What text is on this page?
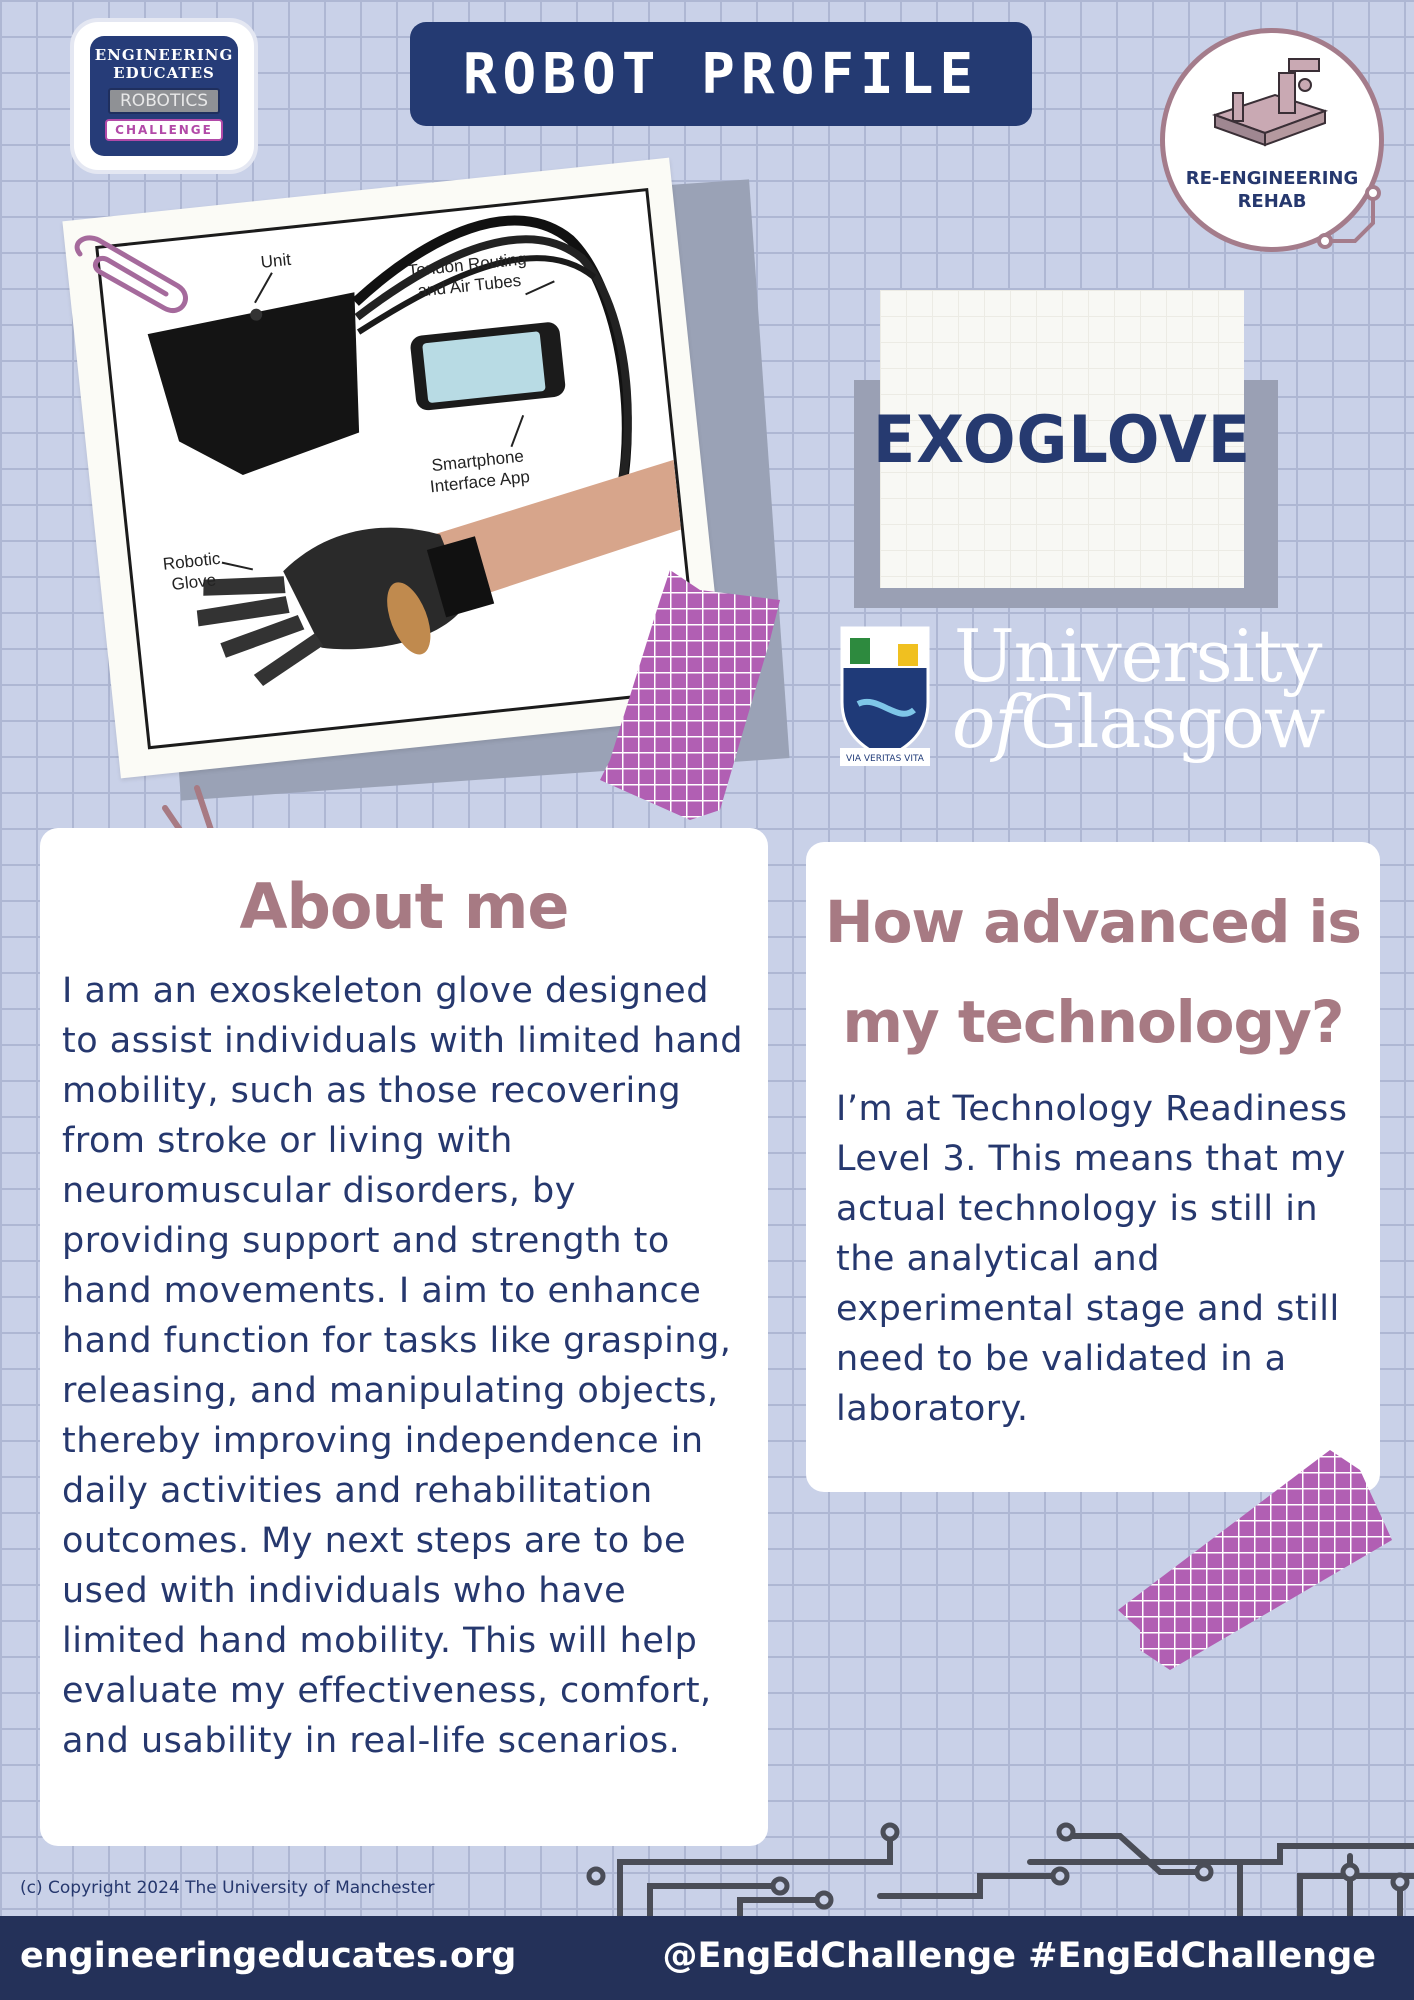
ROBOT PROFILE
ENGINEERING
EDUCATES
ROBOTICS
CHALLENGE
RE-ENGINEERING
REHAB
Unit	Tendon Routing and Air Tubes
Smartphone Interface App
Robotic Glove
EXOGLOVE
VIA VERITAS VITA
University
ofGlasgow
About me
I am an exoskeleton glove designed to assist individuals with limited hand mobility, such as those recovering from stroke or living with neuromuscular disorders, by providing support and strength to hand movements. I aim to enhance hand function for tasks like grasping, releasing, and manipulating objects, thereby improving independence in daily activities and rehabilitation outcomes. My next steps are to be used with individuals who have limited hand mobility. This will help evaluate my effectiveness, comfort, and usability in real-life scenarios.
How advanced is my technology?
I’m at Technology Readiness Level 3. This means that my actual technology is still in the analytical and experimental stage and still need to be validated in a laboratory.
(c) Copyright 2024 The University of Manchester
engineeringeducates.org	@EngEdChallenge #EngEdChallenge
